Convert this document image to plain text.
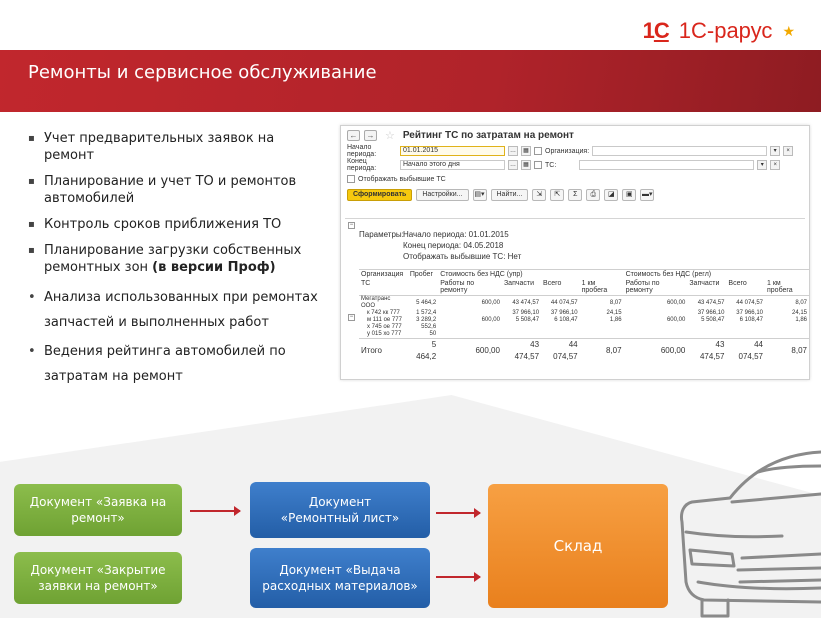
1C 1С-рарус ★
Ремонты и сервисное обслуживание
▪ Учет предварительных заявок на ремонт
▪ Планирование и учет ТО и ремонтов автомобилей
▪ Контроль сроков приближения ТО
▪ Планирование загрузки собственных ремонтных зон (в версии Проф)
• Анализа использованных при ремонтах запчастей и выполненных работ
• Ведения рейтинга автомобилей по затратам на ремонт
←	→ ☆ Рейтинг ТС по затратам на ремонт
Начало периода:
01.01.2015	…	▦	Организация:	▾	×
Конец периода:
Начало этого дня	…	▦	ТС:	▾	×
Отображать выбывшие ТС
Сформировать	Настройки...	▤▾	Найти...	⇲	⇱	Σ	⎙	◪	▣	▬▾
−
Параметры:Начало периода: 01.01.2015
Конец периода: 04.05.2018
Отображать выбывшие ТС: Нет
−
Организация	Пробег	Стоимость без НДС (упр)				Стоимость без НДС (регл)			
ТС		Работы по ремонту	Запчасти	Всего	1 км пробега	Работы по ремонту	Запчасти	Всего	1 км пробега
Мегатранс ООО	5 464,2	600,00	43 474,57	44 074,57	8,07	600,00	43 474,57	44 074,57	8,07
к 742 кк 777	1 572,4		37 966,10	37 966,10	24,15		37 966,10	37 966,10	24,15
м 111 ое 777	3 289,2	600,00	5 508,47	6 108,47	1,86	600,00	5 508,47	6 108,47	1,86
х 745 ое 777	552,6								
у 015 хо 777	50								
Итого	5 464,2	600,00	43 474,57	44 074,57	8,07	600,00	43 474,57	44 074,57	8,07
Документ «Заявка на ремонт»
Документ «Закрытие заявки на ремонт»
Документ
«Ремонтный лист»
Документ «Выдача расходных материалов»
Склад
